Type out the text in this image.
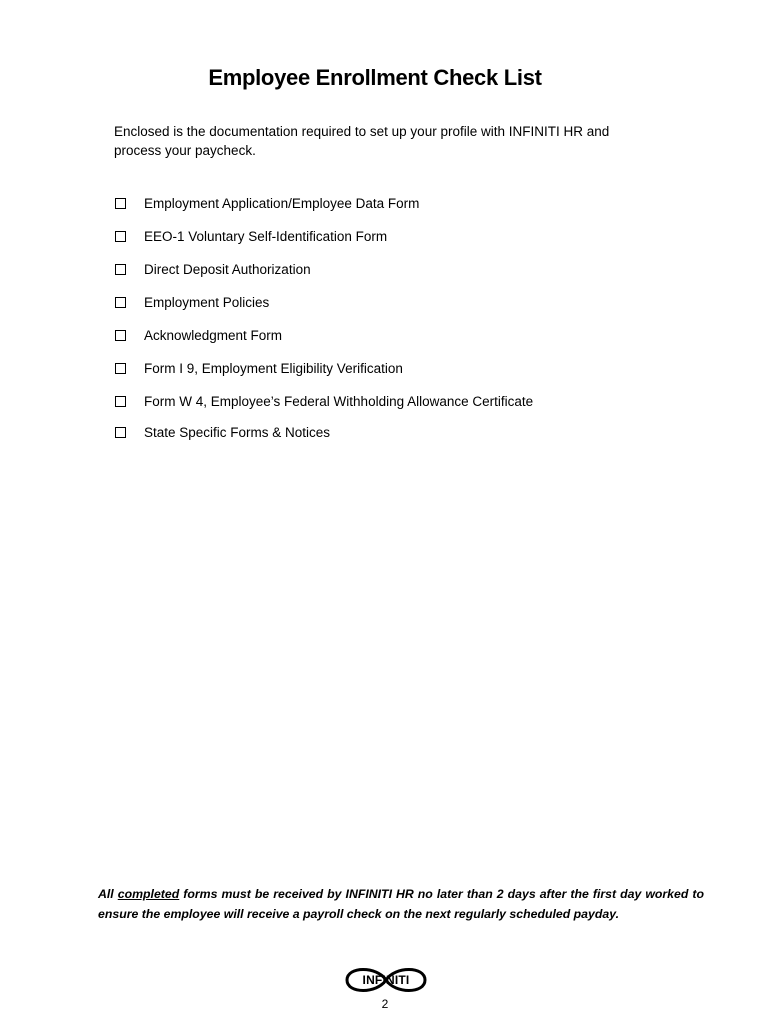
Employee Enrollment Check List

Enclosed is the documentation required to set up your profile with INFINITI HR and process your paycheck.

Employment Application/Employee Data Form
EEO-1 Voluntary Self-Identification Form
Direct Deposit Authorization
Employment Policies
Acknowledgment Form
Form I 9, Employment Eligibility Verification
Form W 4, Employee’s Federal Withholding Allowance Certificate
State Specific Forms & Notices

All completed forms must be received by INFINITI HR no later than 2 days after the first day worked to ensure the employee will receive a payroll check on the next regularly scheduled payday.

INFINITI
2
